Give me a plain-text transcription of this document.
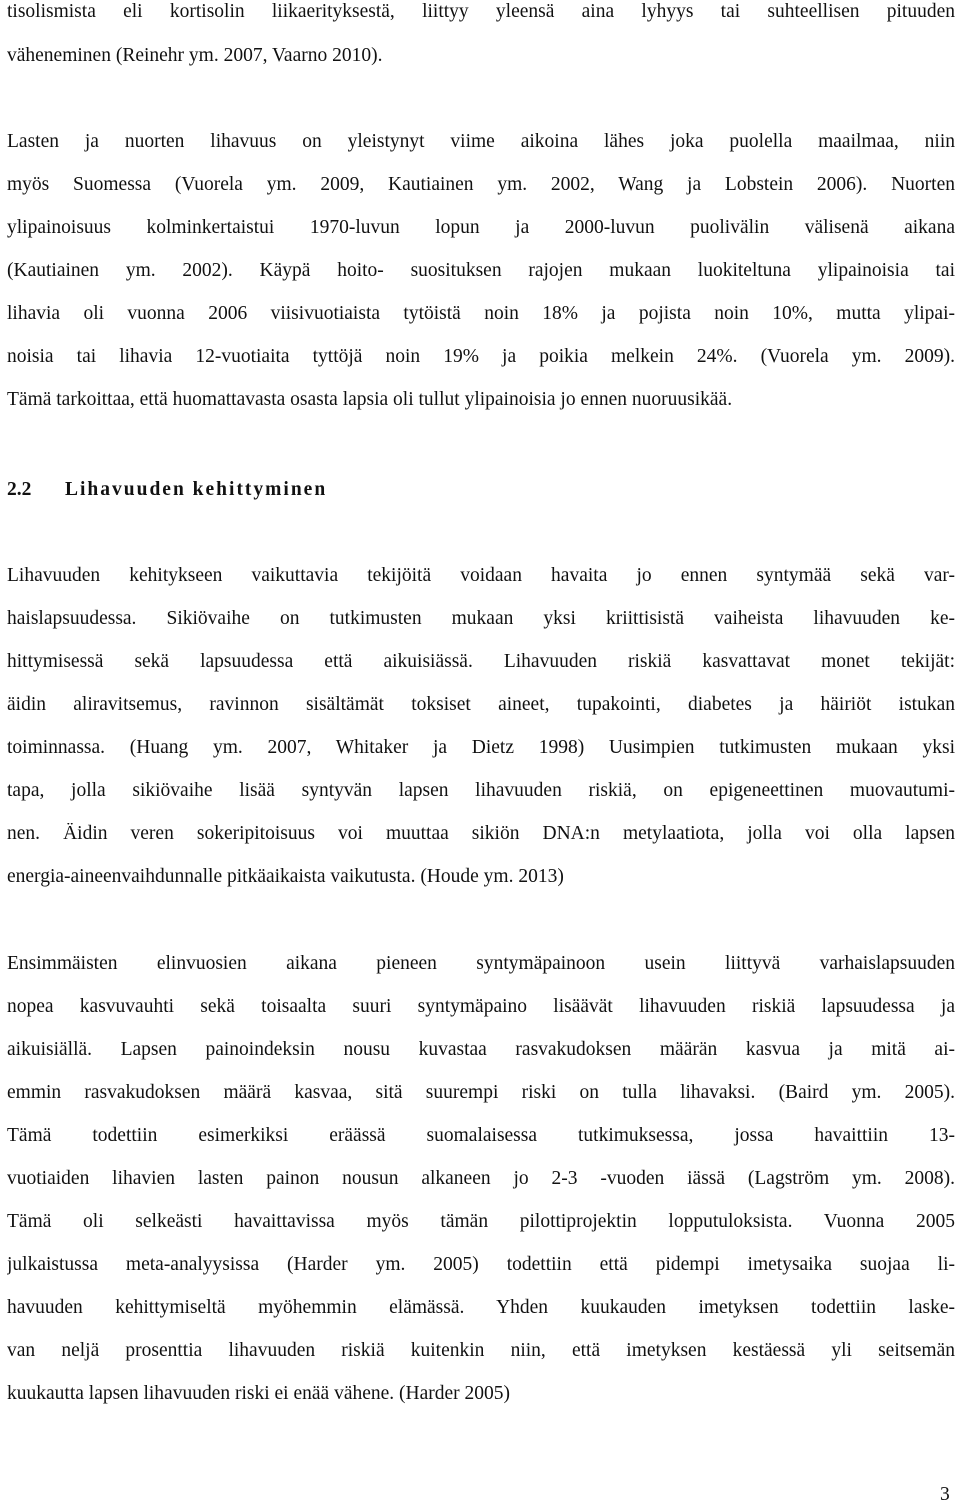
tisolismista eli kortisolin liikaerityksestä, liittyy yleensä aina lyhyys tai suhteellisen pituuden
väheneminen (Reinehr ym. 2007, Vaarno 2010).
Lasten ja nuorten lihavuus on yleistynyt viime aikoina lähes joka puolella maailmaa, niin
myös Suomessa (Vuorela ym. 2009, Kautiainen ym. 2002, Wang ja Lobstein 2006). Nuorten
ylipainoisuus kolminkertaistui 1970-luvun lopun ja 2000-luvun puolivälin välisenä aikana
(Kautiainen ym. 2002). Käypä hoito- suosituksen rajojen mukaan luokiteltuna ylipainoisia tai
lihavia oli vuonna 2006 viisivuotiaista tytöistä noin 18% ja pojista noin 10%, mutta ylipai-
noisia tai lihavia 12-vuotiaita tyttöjä noin 19% ja poikia melkein 24%. (Vuorela ym. 2009).
Tämä tarkoittaa, että huomattavasta osasta lapsia oli tullut ylipainoisia jo ennen nuoruusikää.
2.2 Lihavuuden kehittyminen
Lihavuuden kehitykseen vaikuttavia tekijöitä voidaan havaita jo ennen syntymää sekä var-
haislapsuudessa. Sikiövaihe on tutkimusten mukaan yksi kriittisistä vaiheista lihavuuden ke-
hittymisessä sekä lapsuudessa että aikuisiässä. Lihavuuden riskiä kasvattavat monet tekijät:
äidin aliravitsemus, ravinnon sisältämät toksiset aineet, tupakointi, diabetes ja häiriöt istukan
toiminnassa. (Huang ym. 2007, Whitaker ja Dietz 1998) Uusimpien tutkimusten mukaan yksi
tapa, jolla sikiövaihe lisää syntyvän lapsen lihavuuden riskiä, on epigeneettinen muovautumi-
nen. Äidin veren sokeripitoisuus voi muuttaa sikiön DNA:n metylaatiota, jolla voi olla lapsen
energia-aineenvaihdunnalle pitkäaikaista vaikutusta. (Houde ym. 2013)
Ensimmäisten elinvuosien aikana pieneen syntymäpainoon usein liittyvä varhaislapsuuden
nopea kasvuvauhti sekä toisaalta suuri syntymäpaino lisäävät lihavuuden riskiä lapsuudessa ja
aikuisiällä. Lapsen painoindeksin nousu kuvastaa rasvakudoksen määrän kasvua ja mitä ai-
emmin rasvakudoksen määrä kasvaa, sitä suurempi riski on tulla lihavaksi. (Baird ym. 2005).
Tämä todettiin esimerkiksi eräässä suomalaisessa tutkimuksessa, jossa havaittiin 13-
vuotiaiden lihavien lasten painon nousun alkaneen jo 2-3 -vuoden iässä (Lagström ym. 2008).
Tämä oli selkeästi havaittavissa myös tämän pilottiprojektin lopputuloksista. Vuonna 2005
julkaistussa meta-analyysissa (Harder ym. 2005) todettiin että pidempi imetysaika suojaa li-
havuuden kehittymiseltä myöhemmin elämässä. Yhden kuukauden imetyksen todettiin laske-
van neljä prosenttia lihavuuden riskiä kuitenkin niin, että imetyksen kestäessä yli seitsemän
kuukautta lapsen lihavuuden riski ei enää vähene. (Harder 2005)
3
